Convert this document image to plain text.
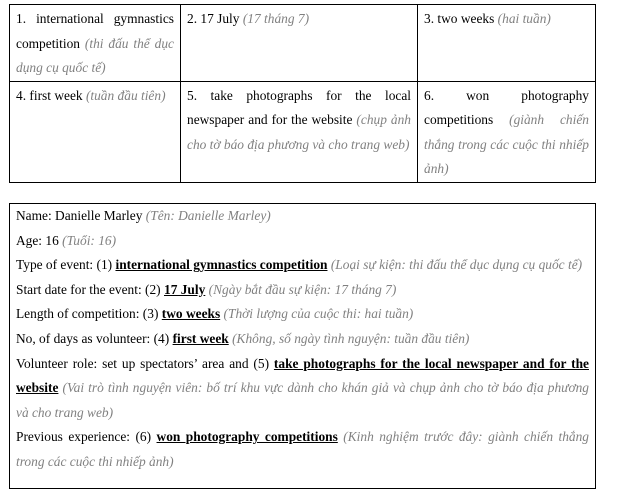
1. international gymnastics competition (thi đấu thể dục dụng cụ quốc tế)	2. 17 July (17 tháng 7)	3. two weeks (hai tuần)
4. first week (tuần đầu tiên)	5. take photographs for the local newspaper and for the website (chụp ảnh cho tờ báo địa phương và cho trang web)	6. won photography competitions (giành chiến thắng trong các cuộc thi nhiếp ảnh)

Name: Danielle Marley (Tên: Danielle Marley)

Age: 16 (Tuổi: 16)

Type of event: (1) international gymnastics competition (Loại sự kiện: thi đấu thể dục dụng cụ quốc tế)

Start date for the event: (2) 17 July (Ngày bắt đầu sự kiện: 17 tháng 7)

Length of competition: (3) two weeks (Thời lượng của cuộc thi: hai tuần)

No, of days as volunteer: (4) first week (Không, số ngày tình nguyện: tuần đầu tiên)

Volunteer role: set up spectators’ area and (5) take photographs for the local newspaper and for the website (Vai trò tình nguyện viên: bố trí khu vực dành cho khán giả và chụp ảnh cho tờ báo địa phương và cho trang web)

Previous experience: (6) won photography competitions (Kinh nghiệm trước đây: giành chiến thắng trong các cuộc thi nhiếp ảnh)
